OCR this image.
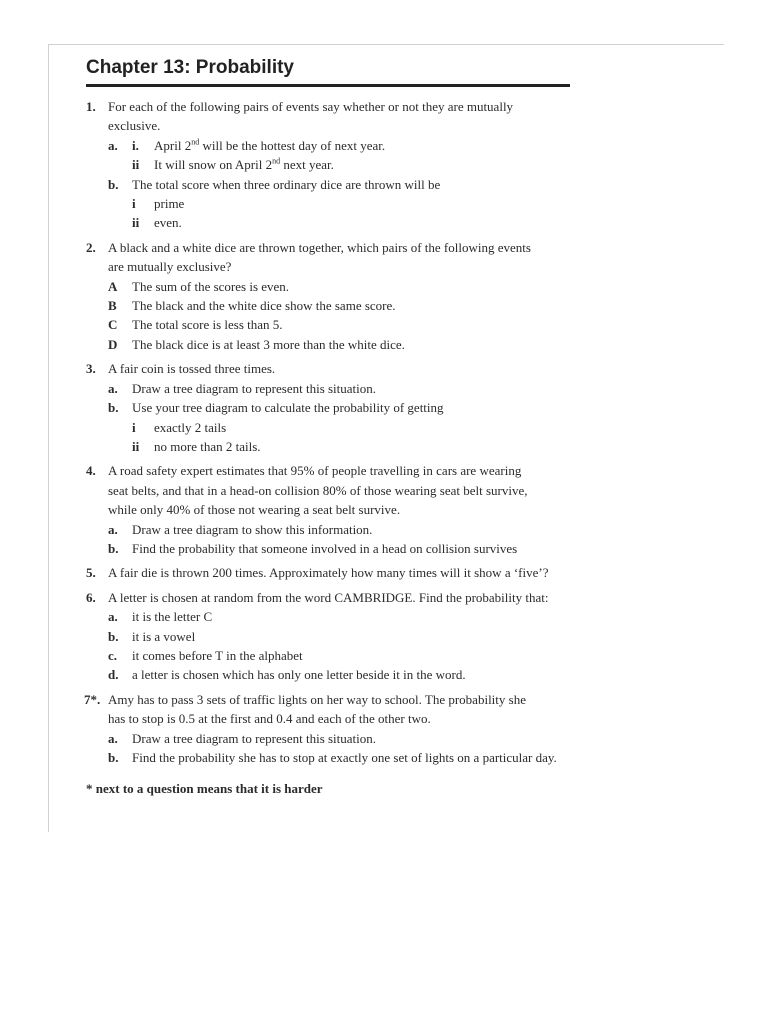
Chapter 13: Probability
1. For each of the following pairs of events say whether or not they are mutually
exclusive.
a. i. April 2nd will be the hottest day of next year.
ii It will snow on April 2nd next year.
b. The total score when three ordinary dice are thrown will be
i prime
ii even.
2. A black and a white dice are thrown together, which pairs of the following events
are mutually exclusive?
A The sum of the scores is even.
B The black and the white dice show the same score.
C The total score is less than 5.
D The black dice is at least 3 more than the white dice.
3. A fair coin is tossed three times.
a. Draw a tree diagram to represent this situation.
b. Use your tree diagram to calculate the probability of getting
i exactly 2 tails
ii no more than 2 tails.
4. A road safety expert estimates that 95% of people travelling in cars are wearing
seat belts, and that in a head-on collision 80% of those wearing seat belt survive,
while only 40% of those not wearing a seat belt survive.
a. Draw a tree diagram to show this information.
b. Find the probability that someone involved in a head on collision survives
5. A fair die is thrown 200 times. Approximately how many times will it show a ‘five’?
6. A letter is chosen at random from the word CAMBRIDGE. Find the probability that:
a. it is the letter C
b. it is a vowel
c. it comes before T in the alphabet
d. a letter is chosen which has only one letter beside it in the word.
7*. Amy has to pass 3 sets of traffic lights on her way to school. The probability she
has to stop is 0.5 at the first and 0.4 and each of the other two.
a. Draw a tree diagram to represent this situation.
b. Find the probability she has to stop at exactly one set of lights on a particular day.
* next to a question means that it is harder
